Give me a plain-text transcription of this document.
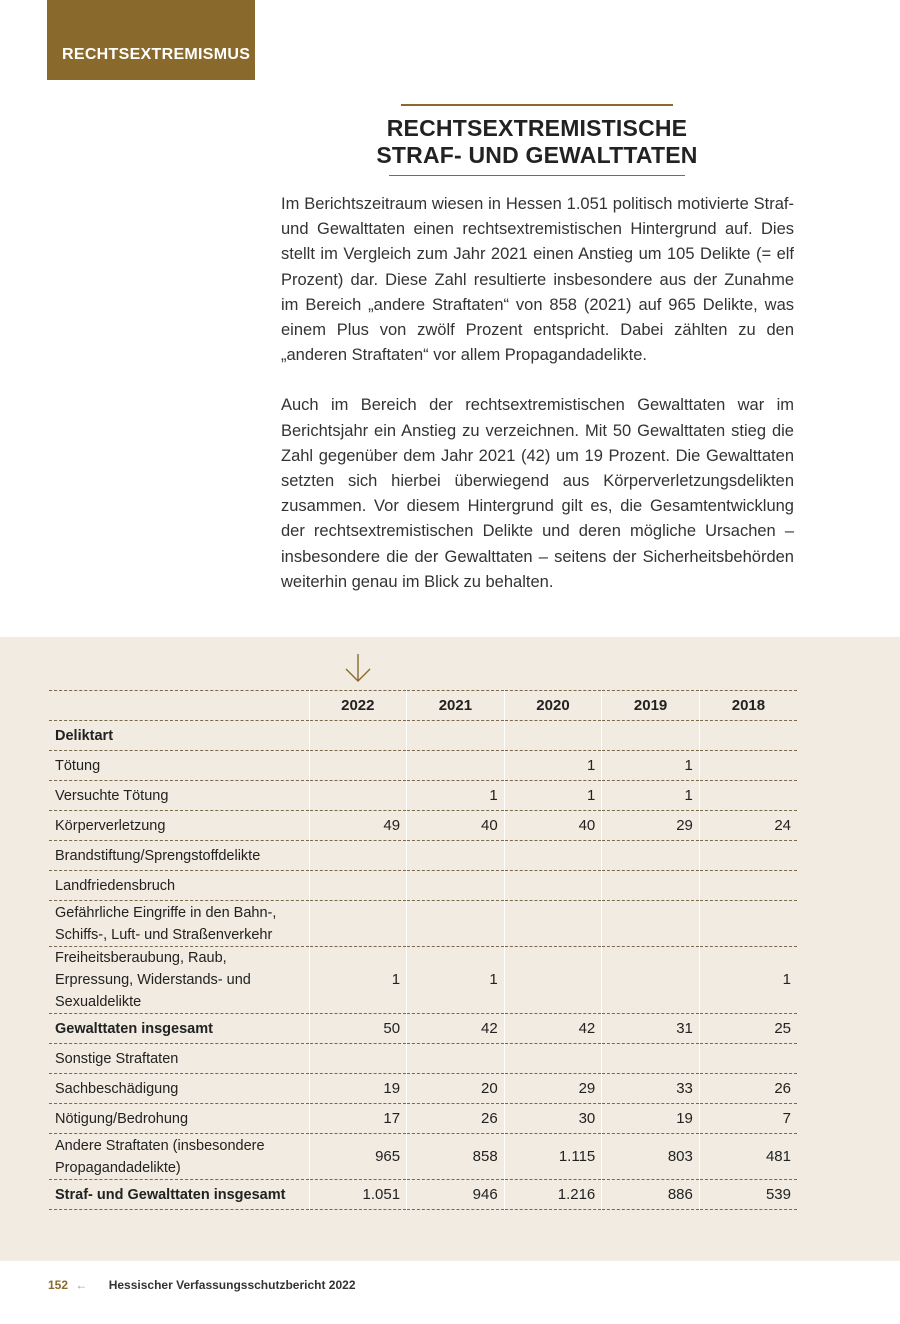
RECHTSEXTREMISMUS
RECHTSEXTREMISTISCHE
STRAF- UND GEWALTTATEN

Im Berichtszeitraum wiesen in Hessen 1.051 politisch motivierte Straf- und Gewalttaten einen rechtsextremistischen Hintergrund auf. Dies stellt im Vergleich zum Jahr 2021 einen Anstieg um 105 Delikte (= elf Prozent) dar. Diese Zahl resultierte insbesondere aus der Zunahme im Bereich „andere Straftaten“ von 858 (2021) auf 965 Delikte, was einem Plus von zwölf Prozent entspricht. Dabei zählten zu den „anderen Straftaten“ vor allem Propagandadelikte.

Auch im Bereich der rechtsextremistischen Gewalttaten war im Berichtsjahr ein Anstieg zu verzeichnen. Mit 50 Gewalttaten stieg die Zahl gegenüber dem Jahr 2021 (42) um 19 Prozent. Die Gewalttaten setzten sich hierbei überwiegend aus Körperverletzungsdelikten zusammen. Vor diesem Hintergrund gilt es, die Gesamtentwicklung der rechtsextremistischen Delikte und deren mögliche Ursachen – insbesondere die der Gewalttaten – seitens der Sicherheitsbehörden weiterhin genau im Blick zu behalten.

	2022	2021	2020	2019	2018
Deliktart					
Tötung			1	1	
Versuchte Tötung		1	1	1	
Körperverletzung	49	40	40	29	24
Brandstiftung/Sprengstoffdelikte					
Landfriedensbruch					
Gefährliche Eingriffe in den Bahn-, Schiffs-, Luft- und Straßenverkehr					
Freiheitsberaubung, Raub, Erpressung, Widerstands- und Sexualdelikte	1	1			1
Gewalttaten insgesamt	50	42	42	31	25
Sonstige Straftaten					
Sachbeschädigung	19	20	29	33	26
Nötigung/Bedrohung	17	26	30	19	7
Andere Straftaten (insbesondere Propagandadelikte)	965	858	1.115	803	481
Straf- und Gewalttaten insgesamt	1.051	946	1.216	886	539
152 ← Hessischer Verfassungsschutzbericht 2022
